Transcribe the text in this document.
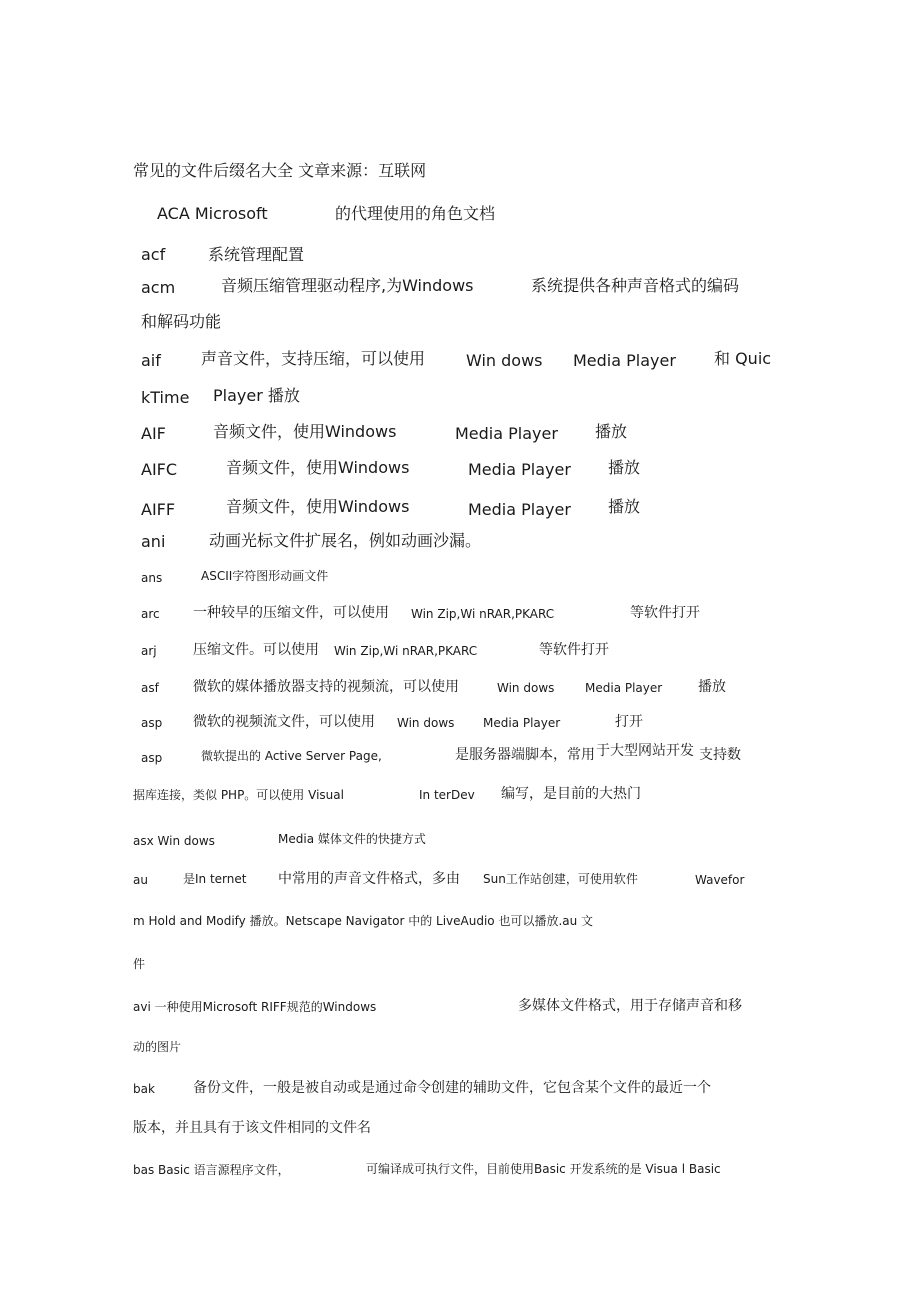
常见的文件后缀名大全 文章来源：互联网
ACA Microsoft	的代理使用的角色文档
acf	系统管理配置
acm	音频压缩管理驱动程序,为Windows	系统提供各种声音格式的编码
和解码功能
aif	声音文件，支持压缩，可以使用	Win dows Media Player 和 Quic
kTime Player 播放
AIF	音频文件，使用Windows	Media Player 播放
AIFC	音频文件，使用Windows	Media Player 播放
AIFF	音频文件，使用Windows	Media Player 播放
ani	动画光标文件扩展名，例如动画沙漏。
ans	ASCII字符图形动画文件
arc 一种较早的压缩文件，可以使用 Win Zip,Wi nRAR,PKARC	等软件打开
arj	压缩文件。可以使用 Win Zip,Wi nRAR,PKARC	等软件打开
asf 微软的媒体播放器支持的视频流，可以使用	Win dows	Media Player	播放
asp 微软的视频流文件，可以使用 Win dows Media Player	打开
asp	微软提出的 Active Server Page,	是服务器端脚本，常用 于大型网站开发 支持数
据库连接，类似 PHP。可以使用 Visual	In terDev 编写，是目前的大热门
asx Win dows	Media 媒体文件的快捷方式
au	是In ternet 中常用的声音文件格式，多由 Sun工作站创建，可使用软件	Wavefor
m Hold and Modify 播放。Netscape Navigator 中的 LiveAudio 也可以播放.au 文
件
avi 一种使用Microsoft RIFF规范的Windows	多媒体文件格式，用于存储声音和移
动的图片
bak	备份文件，一般是被自动或是通过命令创建的辅助文件，它包含某个文件的最近一个
版本，并且具有于该文件相同的文件名
bas Basic 语言源程序文件，	可编译成可执行文件，目前使用Basic 开发系统的是 Visua l Basic
